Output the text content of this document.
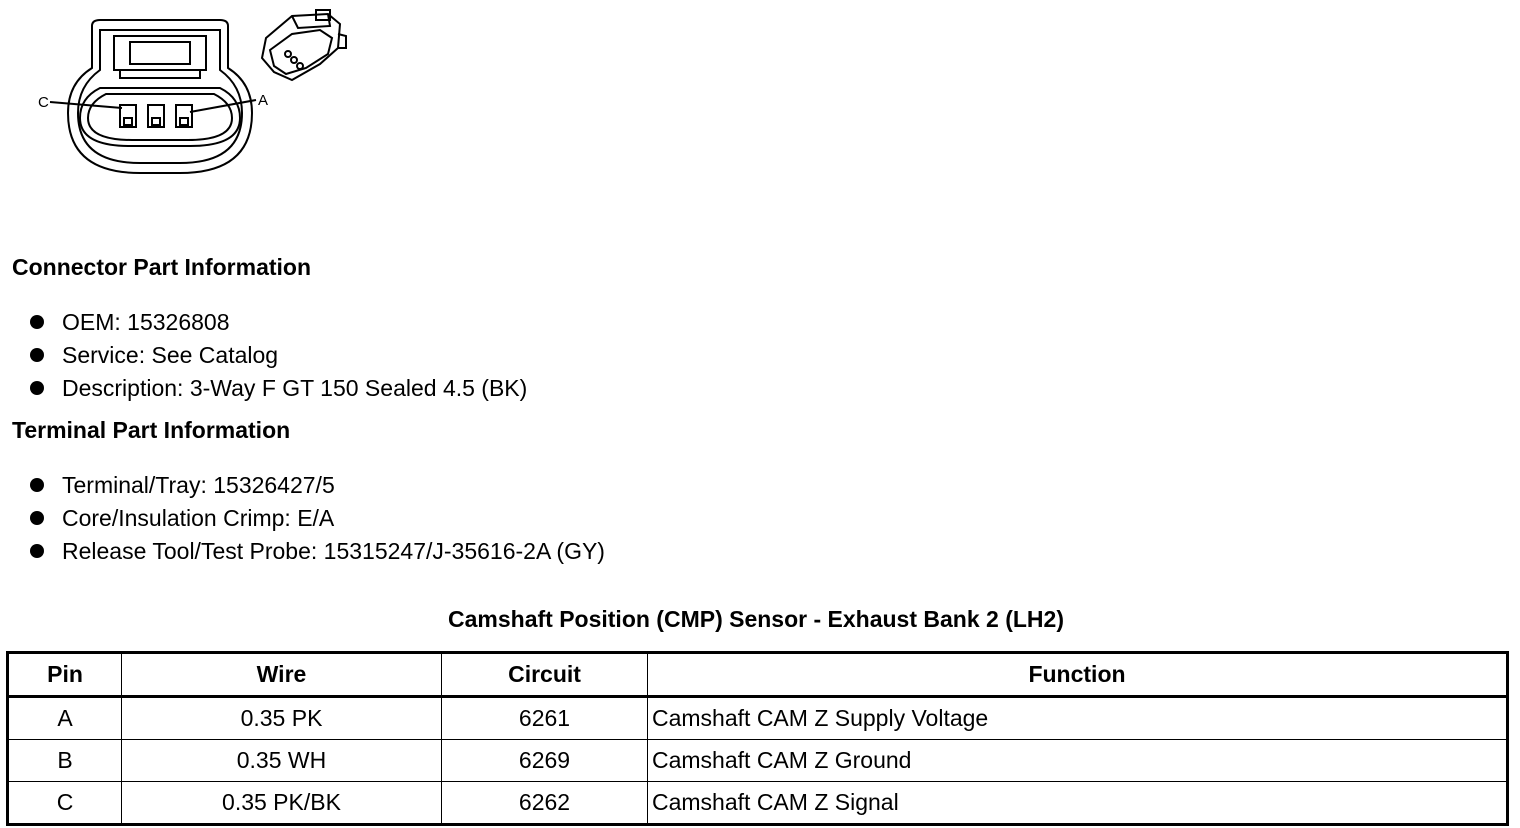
C	A
Connector Part Information
OEM: 15326808
Service: See Catalog
Description: 3-Way F GT 150 Sealed 4.5 (BK)
Terminal Part Information
Terminal/Tray: 15326427/5
Core/Insulation Crimp: E/A
Release Tool/Test Probe: 15315247/J-35616-2A (GY)
Camshaft Position (CMP) Sensor - Exhaust Bank 2 (LH2)
Pin	Wire	Circuit	Function
A	0.35 PK	6261	Camshaft CAM Z Supply Voltage
B	0.35 WH	6269	Camshaft CAM Z Ground
C	0.35 PK/BK	6262	Camshaft CAM Z Signal
